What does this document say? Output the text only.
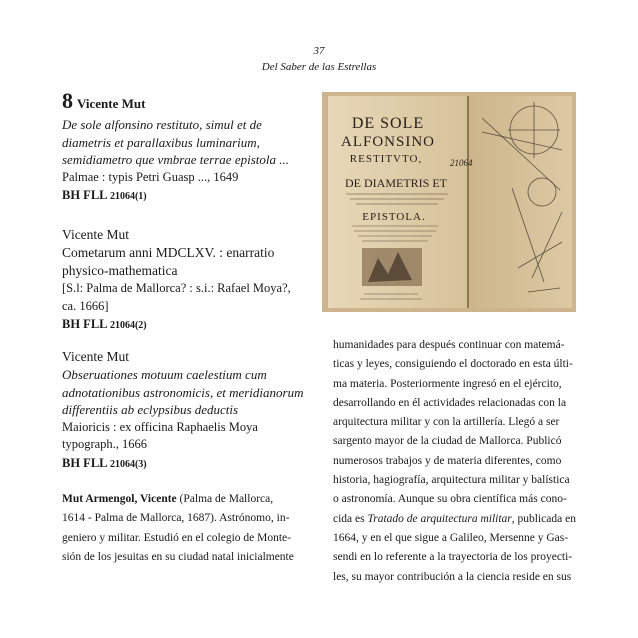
37
Del Saber de las Estrellas

8 Vicente Mut

De sole alfonsino restituto, simul et de

diametris et parallaxibus luminarium,

semidiametro que vmbrae terrae epistola ...

Palmae : typis Petri Guasp ..., 1649

BH FLL 21064(1)

Vicente Mut

Cometarum anni MDCLXV. : enarratio

physico-mathematica

[S.l: Palma de Mallorca? : s.i.: Rafael Moya?,

ca. 1666]

BH FLL 21064(2)

Vicente Mut

Obseruationes motuum caelestium cum

adnotationibus astronomicis, et meridianorum

differentiis ab eclypsibus deductis

Maioricis : ex officina Raphaelis Moya

typograph., 1666

BH FLL 21064(3)

Mut Armengol, Vicente (Palma de Mallorca,

1614 - Palma de Mallorca, 1687). Astrónomo, in-

geniero y militar. Estudió en el colegio de Monte-

sión de los jesuitas en su ciudad natal inicialmente

DE SOLE
ALFONSINO
RESTITVTO,	21064
DE DIAMETRIS ET
EPISTOLA.

humanidades para después continuar con matemá-

ticas y leyes, consiguiendo el doctorado en esta últi-

ma materia. Posteriormente ingresó en el ejército,

desarrollando en él actividades relacionadas con la

arquitectura militar y con la artillería. Llegó a ser

sargento mayor de la ciudad de Mallorca. Publicó

numerosos trabajos y de materia diferentes, como

historia, hagiografía, arquitectura militar y balística

o astronomía. Aunque su obra científica más cono-

cida es Tratado de arquitectura militar, publicada en

1664, y en el que sigue a Galileo, Mersenne y Gas-

sendi en lo referente a la trayectoria de los proyecti-

les, su mayor contribución a la ciencia reside en sus
